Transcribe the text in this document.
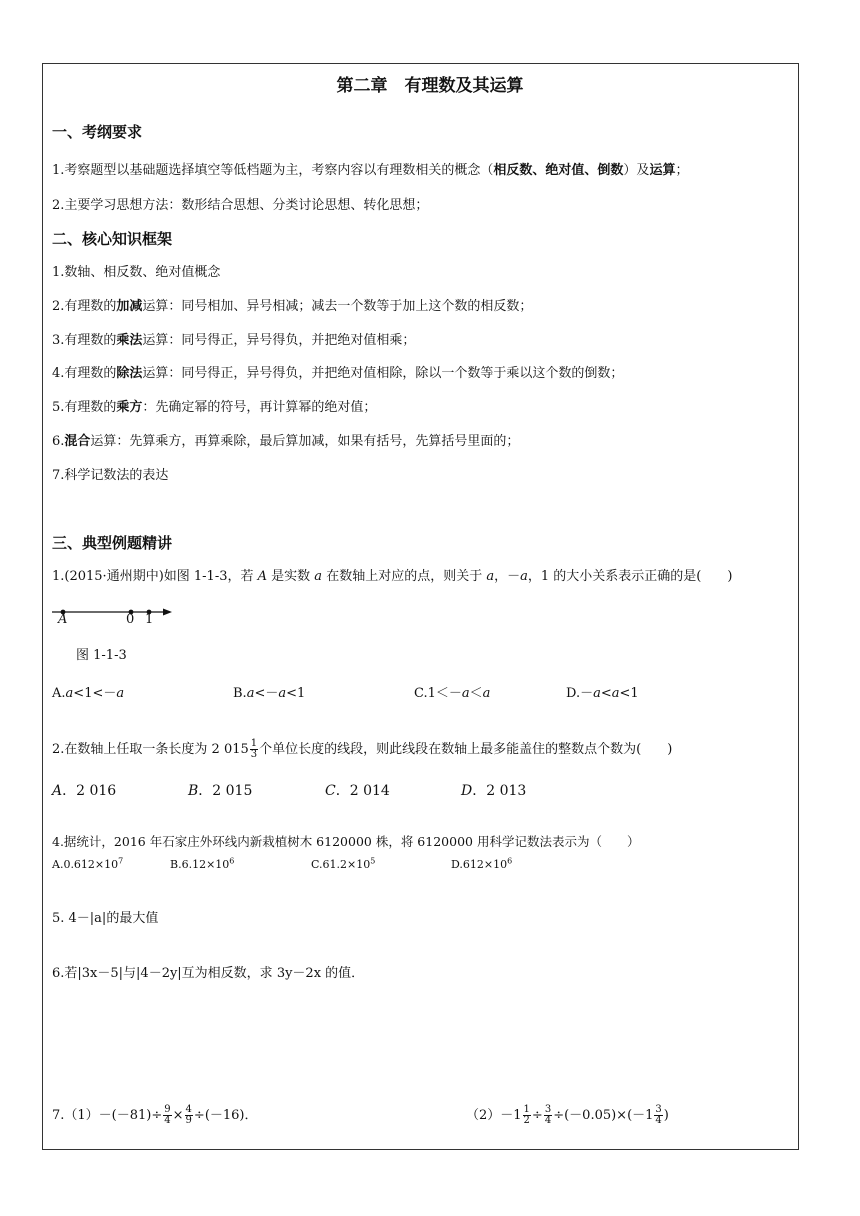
第二章　有理数及其运算
一、考纲要求
1.考察题型以基础题选择填空等低档题为主，考察内容以有理数相关的概念（相反数、绝对值、倒数）及运算；
2.主要学习思想方法：数形结合思想、分类讨论思想、转化思想；
二、核心知识框架
1.数轴、相反数、绝对值概念
2.有理数的加减运算：同号相加、异号相减；减去一个数等于加上这个数的相反数；
3.有理数的乘法运算：同号得正，异号得负，并把绝对值相乘；
4.有理数的除法运算：同号得正，异号得负，并把绝对值相除，除以一个数等于乘以这个数的倒数；
5.有理数的乘方：先确定幂的符号，再计算幂的绝对值；
6.混合运算：先算乘方，再算乘除，最后算加减，如果有括号，先算括号里面的；
7.科学记数法的表达
三、典型例题精讲
1.(2015·通州期中)如图 1-1-3，若 A 是实数 a 在数轴上对应的点，则关于 a，－a，1 的大小关系表示正确的是(　　)
A	0 1
图 1-1-3
A.a<1<－a	B.a<－a<1	C.1＜－a＜a	D.－a<a<1
2.在数轴上任取一条长度为 2 $015 \frac{1}{3}$ 个单位长度的线段，则此线段在数轴上最多能盖住的整数点个数为(　　)
A．2 016	B．2 015	C．2 014	D．2 013
4.据统计，2016 年石家庄外环线内新栽植树木 6120000 株，将 6120000 用科学记数法表示为（　　）
$A.0.612\times 10^7$	$B.6.12\times 10^6$	$C.61.2\times 10^5$	$D.612\times 10^6$
5. 4－|a|的最大值
6.若|3x－5|与|4－2y|互为相反数，求 3y－2x 的值．
$7.(1)-(-81)\div \frac{9}{4} \times \frac{4}{9} \div(-16)$．	$(2)-1 \frac{1}{2} \div \frac{3}{4} \div(-0.05)\times(-1 \frac{3}{4}$ )
